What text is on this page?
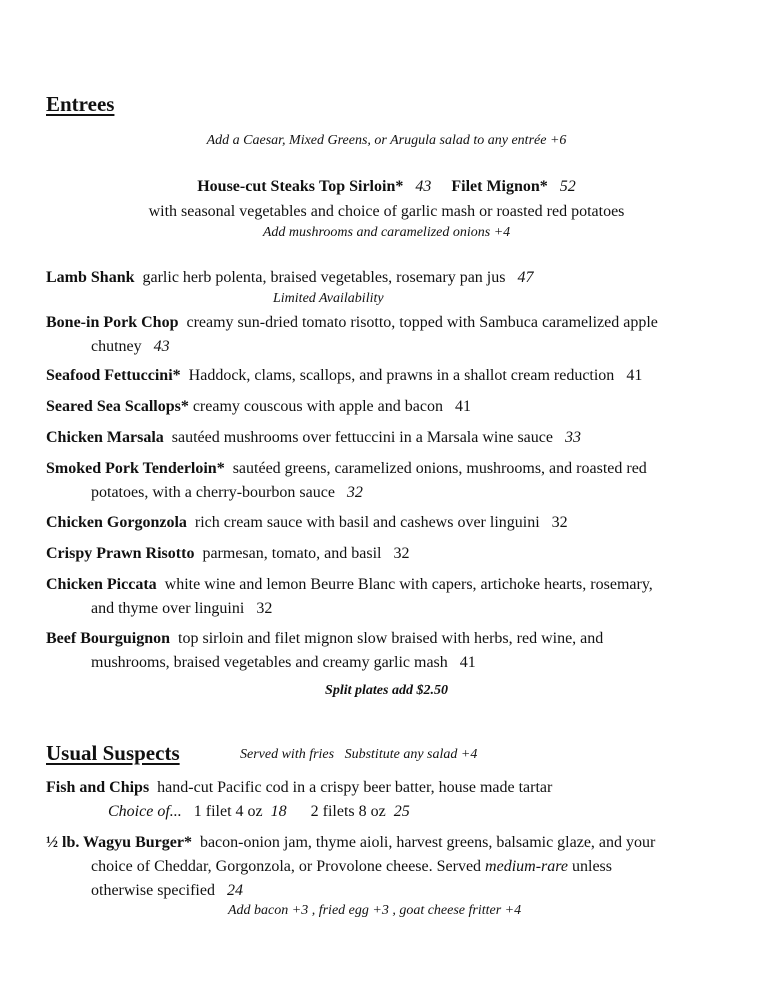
Entrees
Add a Caesar, Mixed Greens, or Arugula salad to any entrée +6
House-cut Steaks Top Sirloin* 43 Filet Mignon* 52
with seasonal vegetables and choice of garlic mash or roasted red potatoes
Add mushrooms and caramelized onions +4
Lamb Shank garlic herb polenta, braised vegetables, rosemary pan jus 47
Limited Availability
Bone-in Pork Chop creamy sun-dried tomato risotto, topped with Sambuca caramelized apple
chutney 43
Seafood Fettuccini* Haddock, clams, scallops, and prawns in a shallot cream reduction 41
Seared Sea Scallops* creamy couscous with apple and bacon 41
Chicken Marsala sautéed mushrooms over fettuccini in a Marsala wine sauce 33
Smoked Pork Tenderloin* sautéed greens, caramelized onions, mushrooms, and roasted red
potatoes, with a cherry-bourbon sauce 32
Chicken Gorgonzola rich cream sauce with basil and cashews over linguini 32
Crispy Prawn Risotto parmesan, tomato, and basil 32
Chicken Piccata white wine and lemon Beurre Blanc with capers, artichoke hearts, rosemary,
and thyme over linguini 32
Beef Bourguignon top sirloin and filet mignon slow braised with herbs, red wine, and
mushrooms, braised vegetables and creamy garlic mash 41
Split plates add $2.50
Usual Suspects	Served with fries   Substitute any salad +4
Fish and Chips hand-cut Pacific cod in a crispy beer batter, house made tartar
Choice of... 1 filet 4 oz 18 2 filets 8 oz 25
½ lb. Wagyu Burger* bacon-onion jam, thyme aioli, harvest greens, balsamic glaze, and your
choice of Cheddar, Gorgonzola, or Provolone cheese. Served medium-rare unless
otherwise specified 24
Add bacon +3 , fried egg +3 , goat cheese fritter +4
